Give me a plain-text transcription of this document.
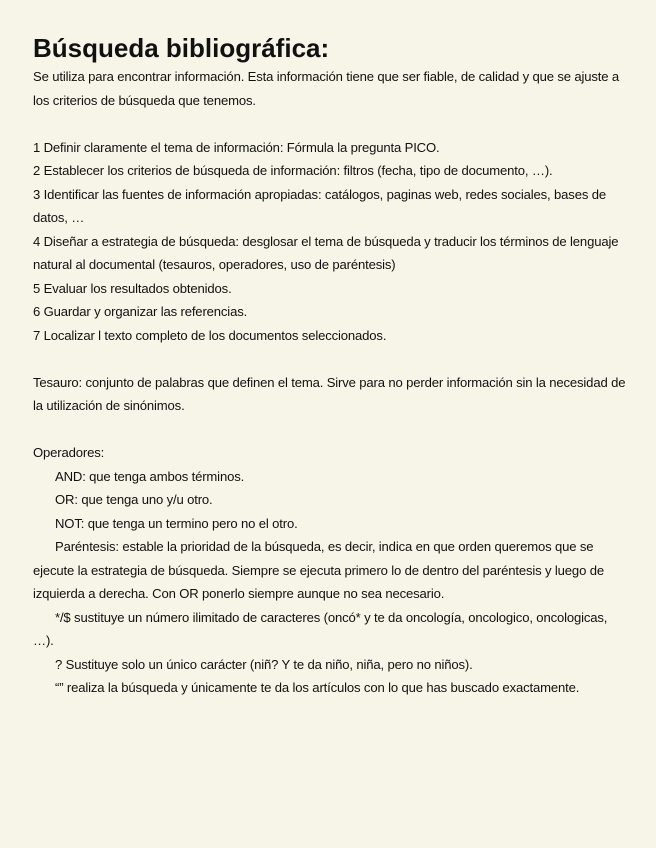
Búsqueda bibliográfica:

Se utiliza para encontrar información. Esta información tiene que ser fiable, de calidad y que se ajuste a los criterios de búsqueda que tenemos.

1 Definir claramente el tema de información: Fórmula la pregunta PICO.

2 Establecer los criterios de búsqueda de información: filtros (fecha, tipo de documento, …).

3 Identificar las fuentes de información apropiadas: catálogos, paginas web, redes sociales, bases de datos, …

4 Diseñar a estrategia de búsqueda: desglosar el tema de búsqueda y traducir los términos de lenguaje natural al documental (tesauros, operadores, uso de paréntesis)

5 Evaluar los resultados obtenidos.

6 Guardar y organizar las referencias.

7 Localizar l texto completo de los documentos seleccionados.

Tesauro: conjunto de palabras que definen el tema. Sirve para no perder información sin la necesidad de la utilización de sinónimos.

Operadores:

AND: que tenga ambos términos.

OR: que tenga uno y/u otro.

NOT: que tenga un termino pero no el otro.

Paréntesis: estable la prioridad de la búsqueda, es decir, indica en que orden queremos que se ejecute la estrategia de búsqueda. Siempre se ejecuta primero lo de dentro del paréntesis y luego de izquierda a derecha. Con OR ponerlo siempre aunque no sea necesario.

*/$ sustituye un número ilimitado de caracteres (oncó* y te da oncología, oncologico, oncologicas, …).

? Sustituye solo un único carácter (niñ? Y te da niño, niña, pero no niños).

“” realiza la búsqueda y únicamente te da los artículos con lo que has buscado exactamente.
